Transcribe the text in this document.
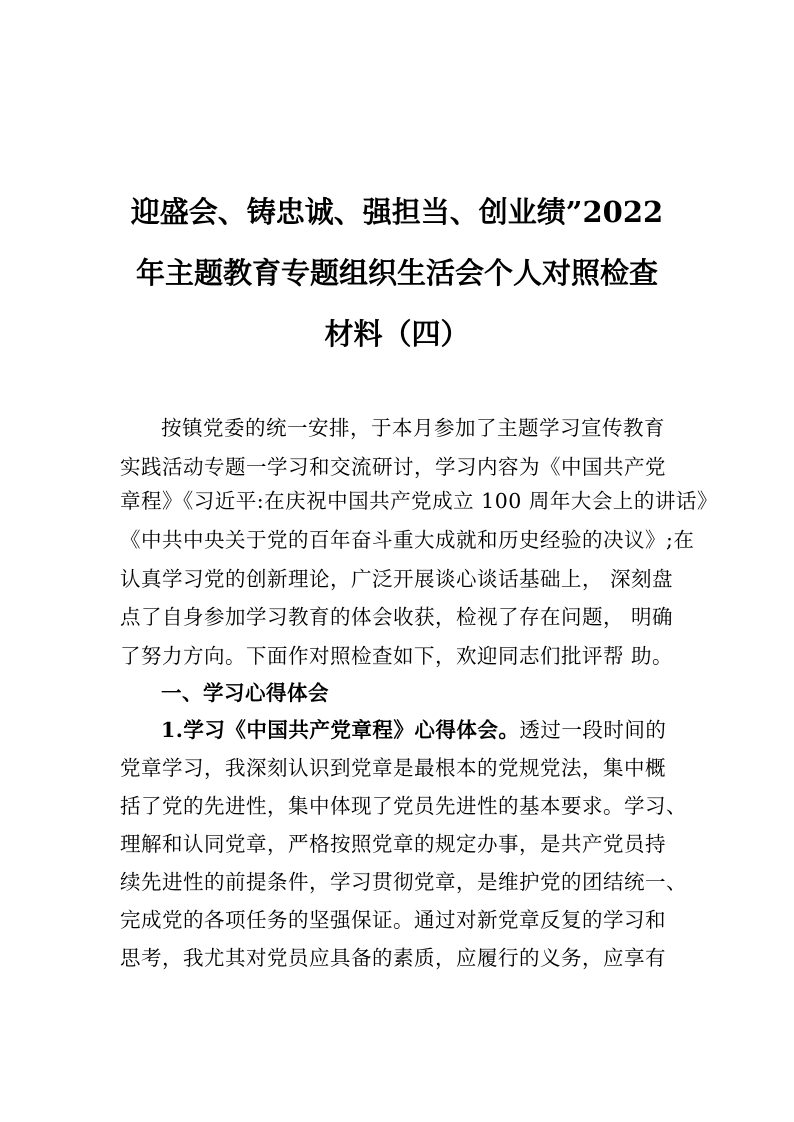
迎盛会、铸忠诚、强担当、创业绩”2022
年主题教育专题组织生活会个人对照检查
材料（四）
按镇党委的统一安排，于本月参加了主题学习宣传教育
实践活动专题一学习和交流研讨，学习内容为《中国共产党
章程》《习近平:在庆祝中国共产党成立 100 周年大会上的讲话》
《中共中央关于党的百年奋斗重大成就和历史经验的决议》;在
认真学习党的创新理论，广泛开展谈心谈话基础上， 深刻盘
点了自身参加学习教育的体会收获，检视了存在问题， 明确
了努力方向。下面作对照检查如下，欢迎同志们批评帮 助。
一、学习心得体会
1.学习《中国共产党章程》心得体会。透过一段时间的
党章学习，我深刻认识到党章是最根本的党规党法，集中概
括了党的先进性，集中体现了党员先进性的基本要求。学习、
理解和认同党章，严格按照党章的规定办事，是共产党员持
续先进性的前提条件，学习贯彻党章，是维护党的团结统一、
完成党的各项任务的坚强保证。通过对新党章反复的学习和
思考，我尤其对党员应具备的素质，应履行的义务，应享有
